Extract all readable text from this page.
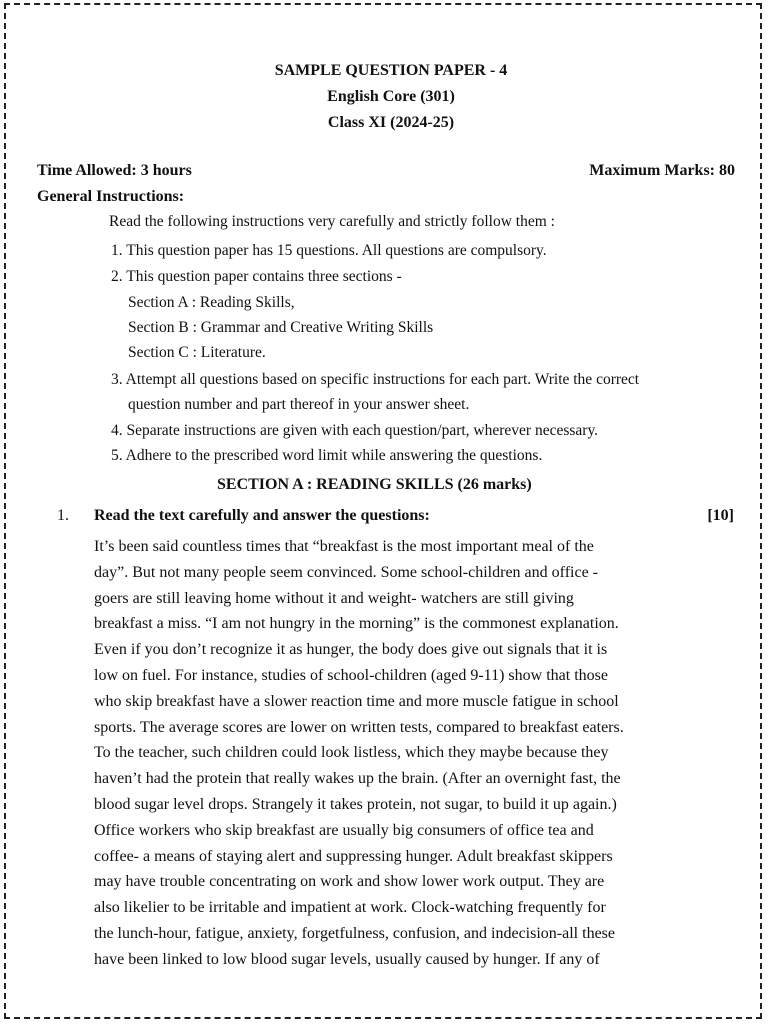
SAMPLE QUESTION PAPER - 4
English Core (301)
Class XI (2024-25)
Time Allowed: 3 hours	Maximum Marks: 80
General Instructions:
Read the following instructions very carefully and strictly follow them :
1. This question paper has 15 questions. All questions are compulsory.
2. This question paper contains three sections -
Section A : Reading Skills,
Section B : Grammar and Creative Writing Skills
Section C : Literature.
3. Attempt all questions based on specific instructions for each part. Write the correct
question number and part thereof in your answer sheet.
4. Separate instructions are given with each question/part, wherever necessary.
5. Adhere to the prescribed word limit while answering the questions.
SECTION A : READING SKILLS (26 marks)
1. Read the text carefully and answer the questions:	[10]
It’s been said countless times that “breakfast is the most important meal of the
day”. But not many people seem convinced. Some school-children and office -
goers are still leaving home without it and weight- watchers are still giving
breakfast a miss. “I am not hungry in the morning” is the commonest explanation.
Even if you don’t recognize it as hunger, the body does give out signals that it is
low on fuel. For instance, studies of school-children (aged 9-11) show that those
who skip breakfast have a slower reaction time and more muscle fatigue in school
sports. The average scores are lower on written tests, compared to breakfast eaters.
To the teacher, such children could look listless, which they maybe because they
haven’t had the protein that really wakes up the brain. (After an overnight fast, the
blood sugar level drops. Strangely it takes protein, not sugar, to build it up again.)
Office workers who skip breakfast are usually big consumers of office tea and
coffee- a means of staying alert and suppressing hunger. Adult breakfast skippers
may have trouble concentrating on work and show lower work output. They are
also likelier to be irritable and impatient at work. Clock-watching frequently for
the lunch-hour, fatigue, anxiety, forgetfulness, confusion, and indecision-all these
have been linked to low blood sugar levels, usually caused by hunger. If any of
